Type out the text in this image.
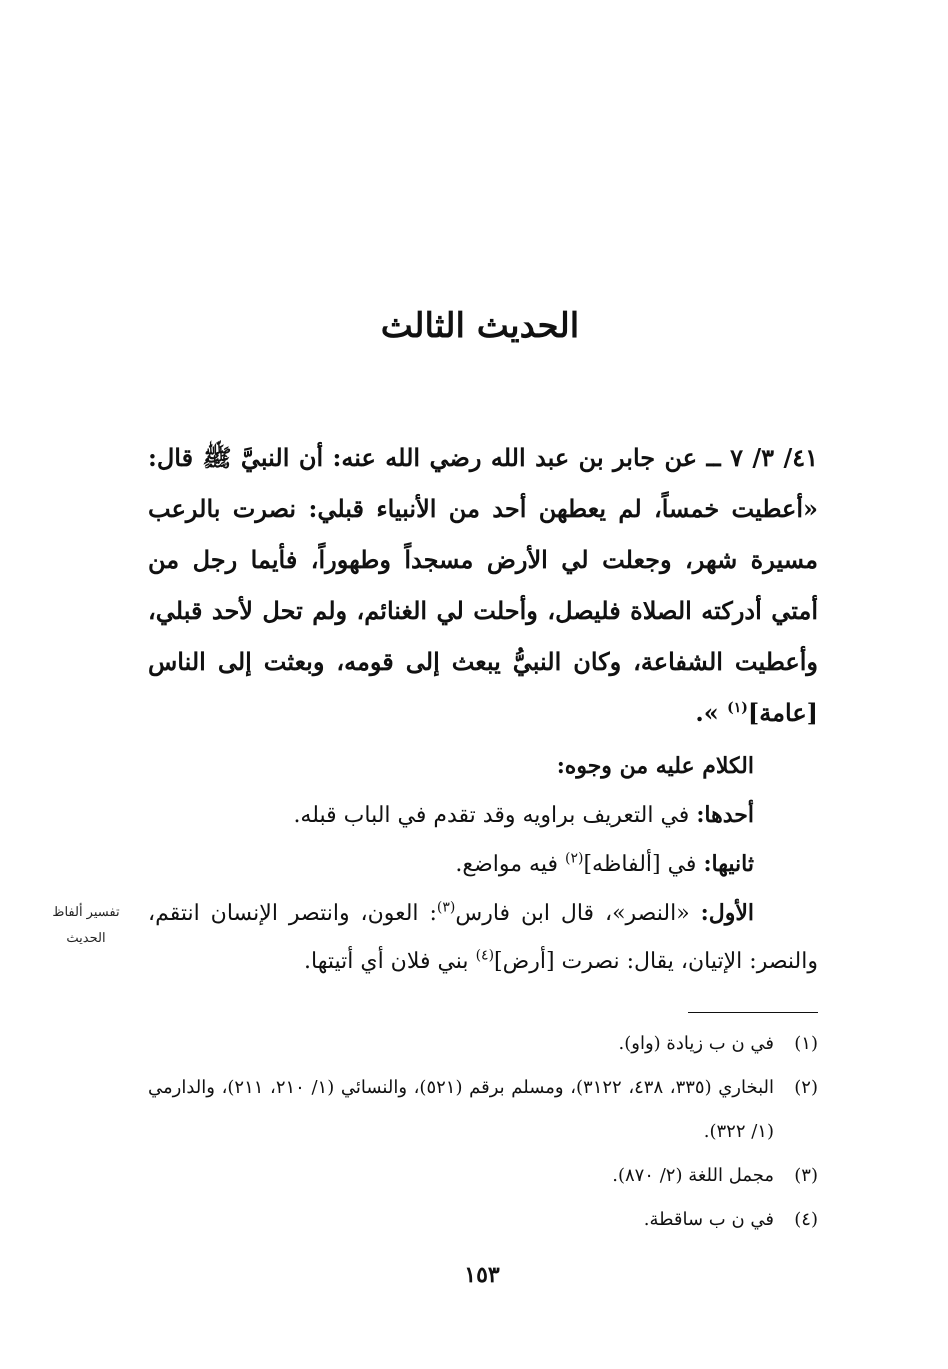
الحديث الثالث

٤١/ ٣/ ٧ ــ عن جابر بن عبد الله رضي الله عنه: أن النبيَّ ﷺ قال: «أعطيت خمساً، لم يعطهن أحد من الأنبياء قبلي: نصرت بالرعب مسيرة شهر، وجعلت لي الأرض مسجداً وطهوراً، فأيما رجل من أمتي أدركته الصلاة فليصل، وأحلت لي الغنائم، ولم تحل لأحد قبلي، وأعطيت الشفاعة، وكان النبيُّ يبعث إلى قومه، وبعثت إلى الناس [عامة]$^{(١)}$ ».

الكلام عليه من وجوه:

أحدها: في التعريف براويه وقد تقدم في الباب قبله.

ثانيها: في [ألفاظه]$^{(٢)}$ فيه مواضع.

الأول: «النصر»، قال ابن فارس$^{(٣)}$: العون، وانتصر الإنسان انتقم، والنصر: الإتيان، يقال: نصرت [أرض]$^{(٤)}$ بني فلان أي أتيتها.

تفسير ألفاظ
الحديث
(١)
في ن ب زيادة (واو).
(٢)
البخاري (٣٣٥، ٤٣٨، ٣١٢٢)، ومسلم برقم (٥٢١)، والنسائي (١/ ٢١٠، ٢١١)، والدارمي (١/ ٣٢٢).
(٣)
مجمل اللغة (٢/ ٨٧٠).
(٤)
في ن ب ساقطة.
١٥٣
